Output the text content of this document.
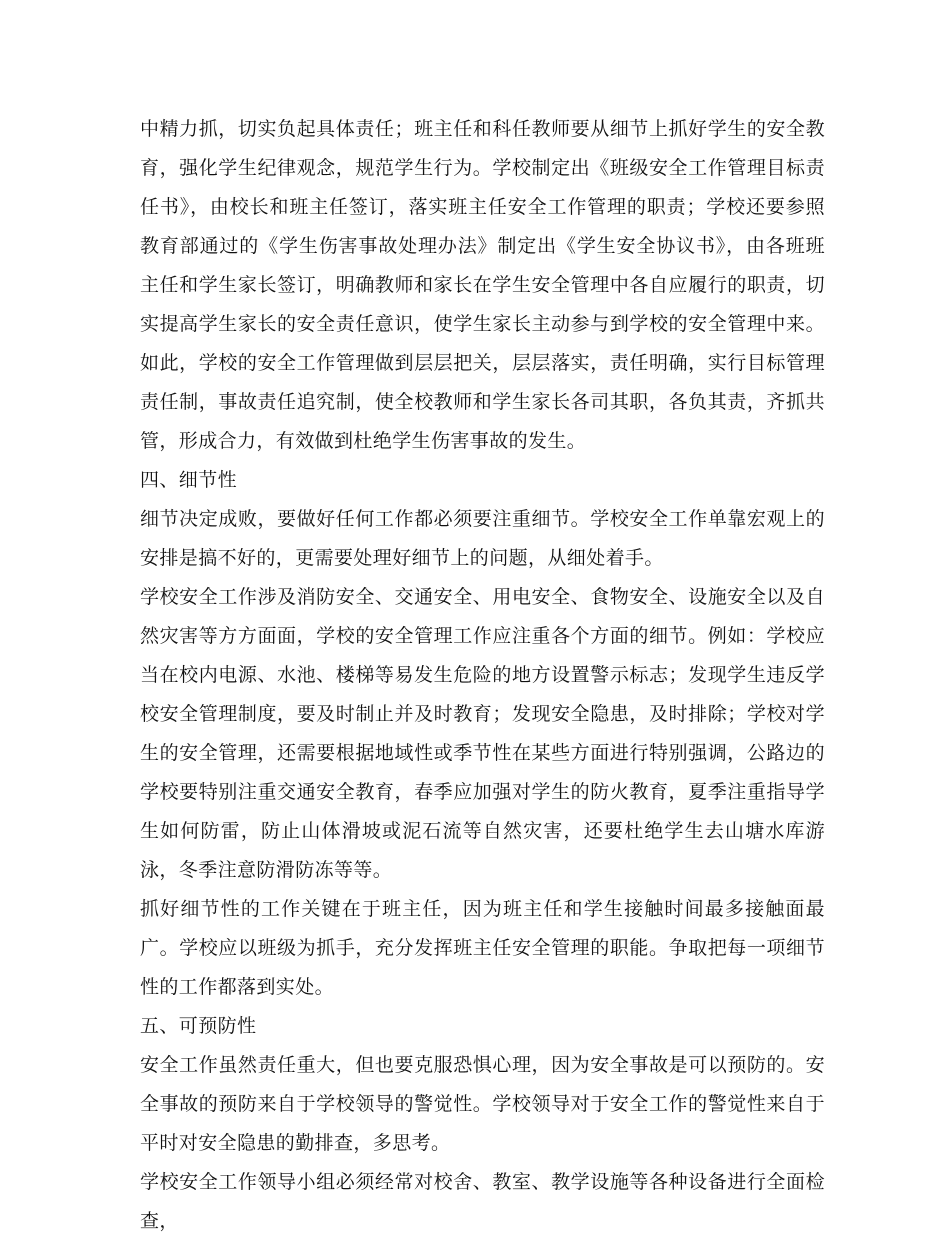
中精力抓，切实负起具体责任；班主任和科任教师要从细节上抓好学生的安全教育，强化学生纪律观念，规范学生行为。学校制定出《班级安全工作管理目标责任书》，由校长和班主任签订，落实班主任安全工作管理的职责；学校还要参照教育部通过的《学生伤害事故处理办法》制定出《学生安全协议书》，由各班班主任和学生家长签订，明确教师和家长在学生安全管理中各自应履行的职责，切实提高学生家长的安全责任意识，使学生家长主动参与到学校的安全管理中来。如此，学校的安全工作管理做到层层把关，层层落实，责任明确，实行目标管理责任制，事故责任追究制，使全校教师和学生家长各司其职，各负其责，齐抓共管，形成合力，有效做到杜绝学生伤害事故的发生。

四、细节性

细节决定成败，要做好任何工作都必须要注重细节。学校安全工作单靠宏观上的安排是搞不好的，更需要处理好细节上的问题，从细处着手。

学校安全工作涉及消防安全、交通安全、用电安全、食物安全、设施安全以及自然灾害等方方面面，学校的安全管理工作应注重各个方面的细节。例如：学校应当在校内电源、水池、楼梯等易发生危险的地方设置警示标志；发现学生违反学校安全管理制度，要及时制止并及时教育；发现安全隐患，及时排除；学校对学生的安全管理，还需要根据地域性或季节性在某些方面进行特别强调，公路边的学校要特别注重交通安全教育，春季应加强对学生的防火教育，夏季注重指导学生如何防雷，防止山体滑坡或泥石流等自然灾害，还要杜绝学生去山塘水库游泳，冬季注意防滑防冻等等。

抓好细节性的工作关键在于班主任，因为班主任和学生接触时间最多接触面最广。学校应以班级为抓手，充分发挥班主任安全管理的职能。争取把每一项细节性的工作都落到实处。

五、可预防性

安全工作虽然责任重大，但也要克服恐惧心理，因为安全事故是可以预防的。安全事故的预防来自于学校领导的警觉性。学校领导对于安全工作的警觉性来自于平时对安全隐患的勤排查，多思考。

学校安全工作领导小组必须经常对校舍、教室、教学设施等各种设备进行全面检查，
